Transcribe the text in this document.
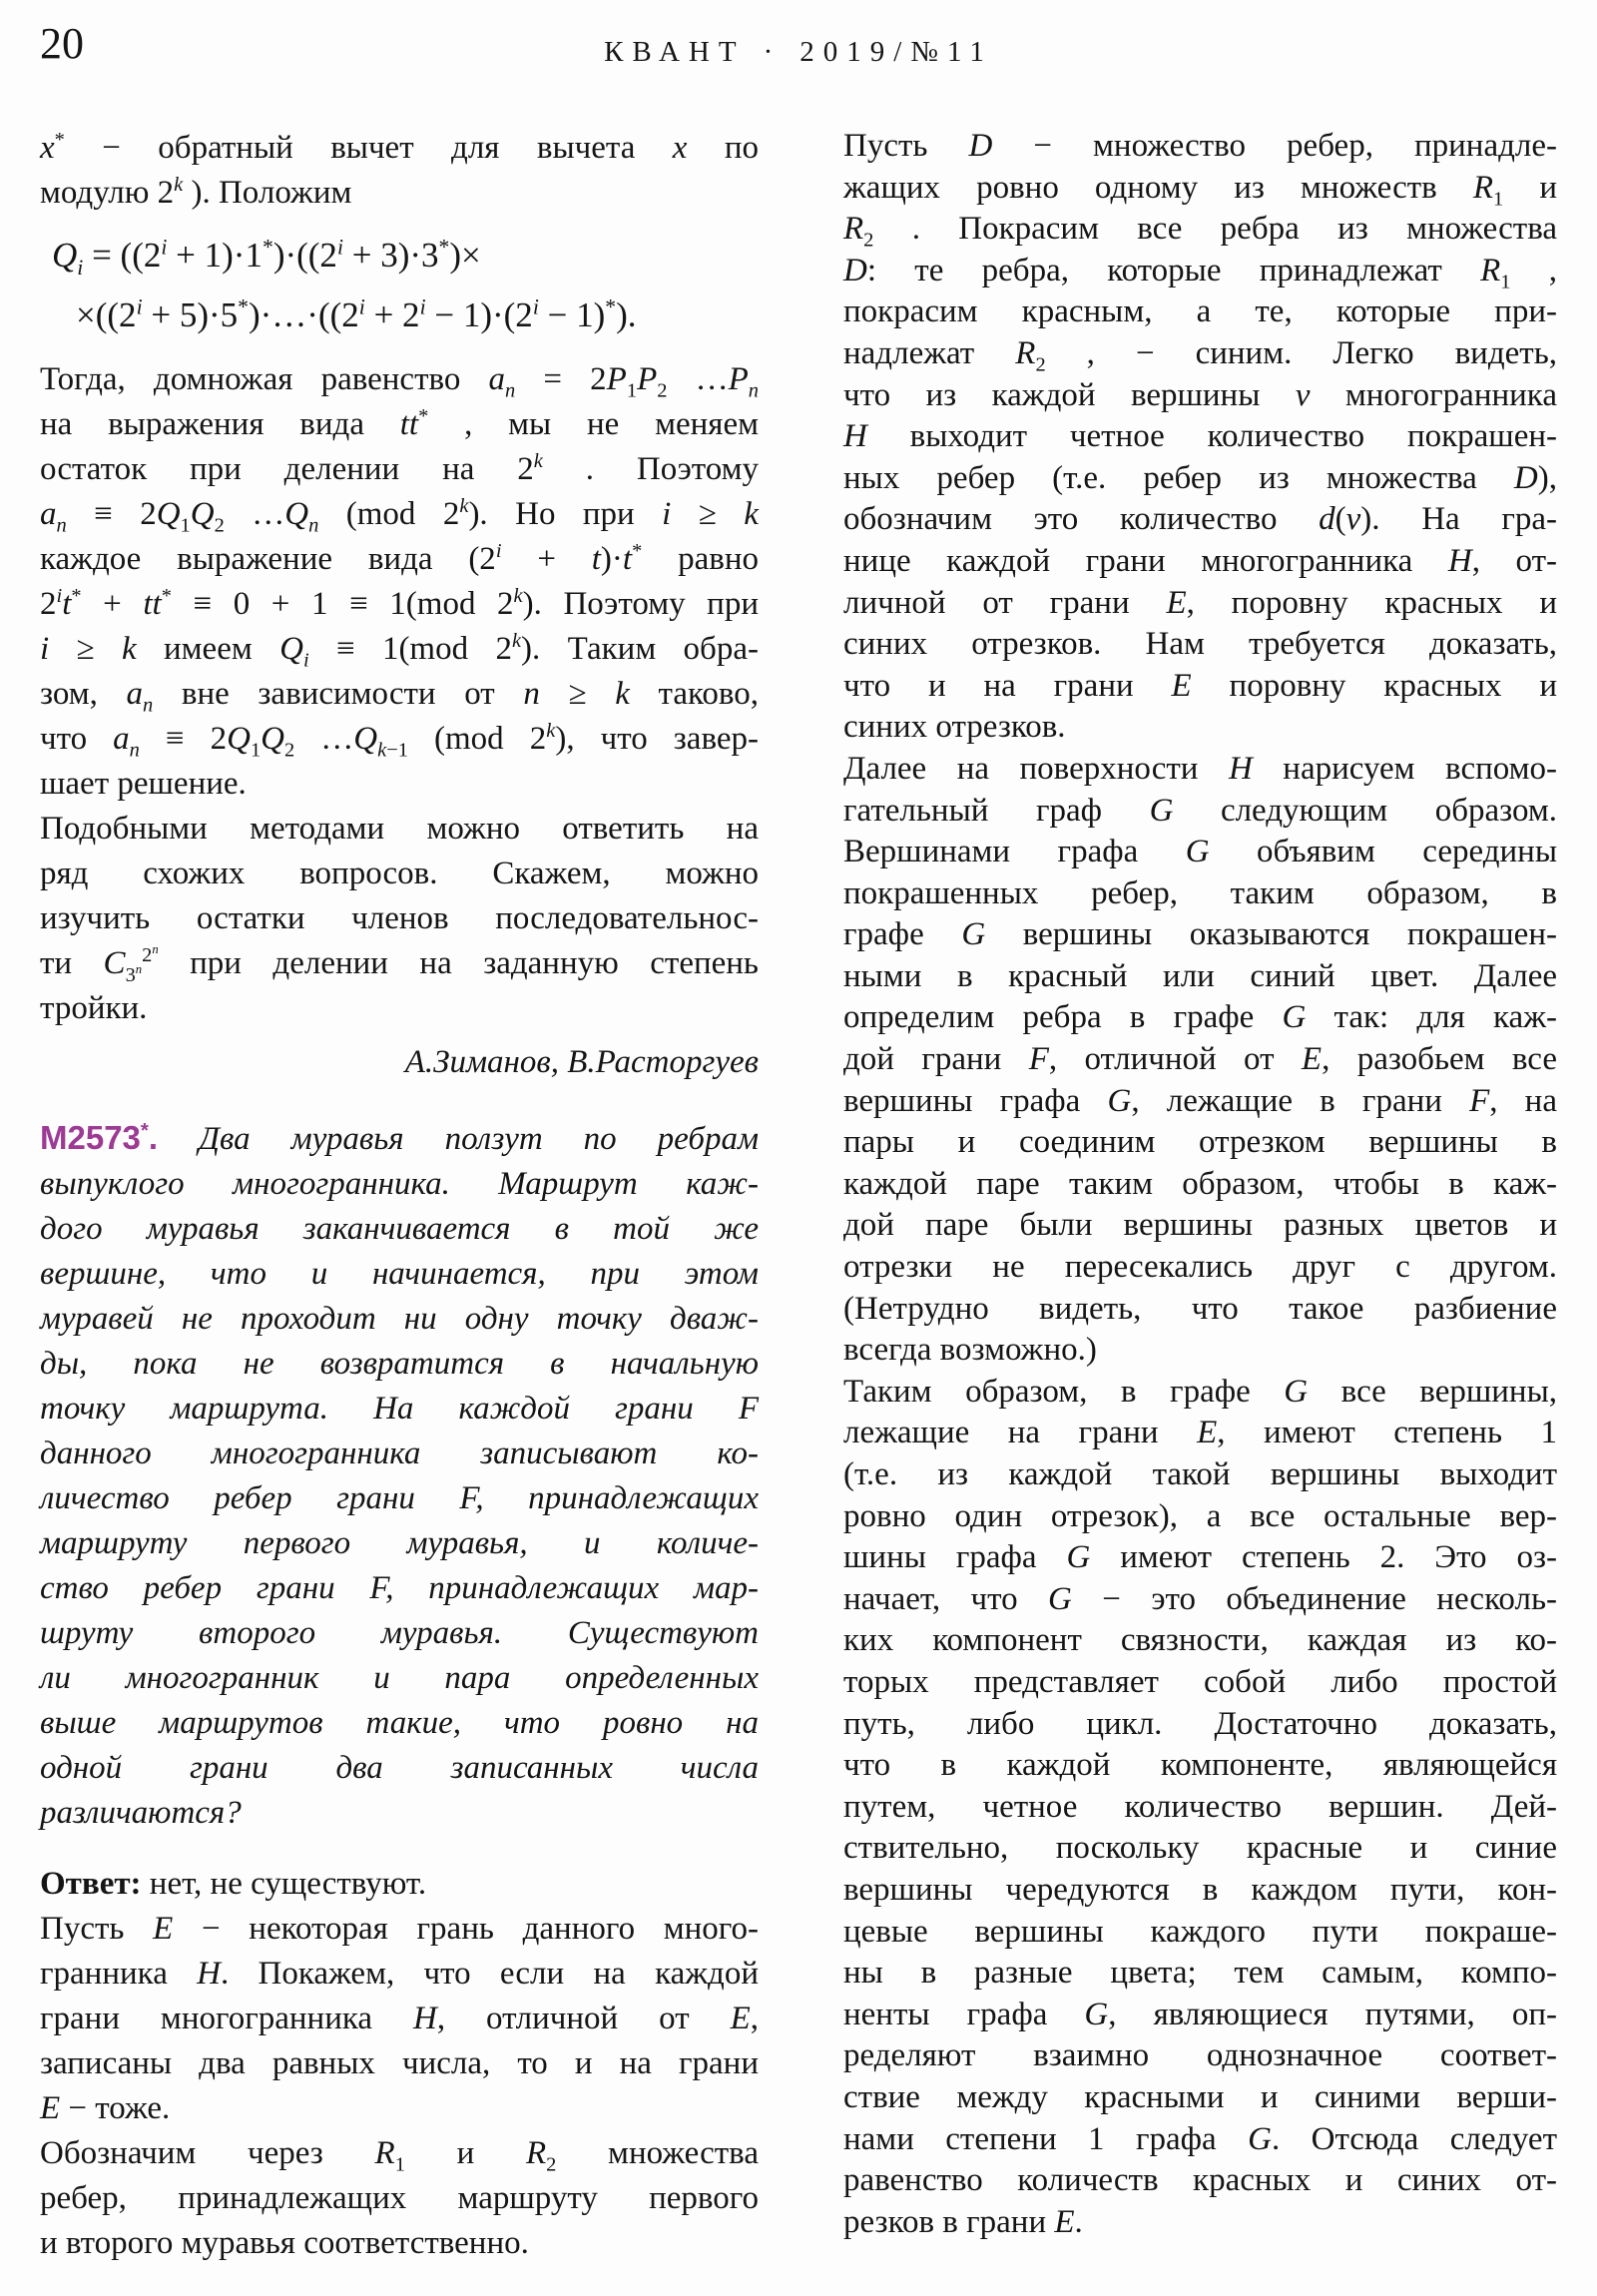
20	КВАНТ · 2019/№11
x* − обратный вычет для вычета x по
модулю 2$^k$ ). Положим
$Q_i = ((2^i + 1)\cdot 1^*)\cdot((2^i + 3)\cdot 3^*)\times$
$\times((2^i$ + $5)\cdot 5^*)\cdot\dots\cdot((2^i + 2^i - 1)\cdot(2^i - 1)^*)$.
Тогда, домножая равенство $a_n = 2P_1P_2$ $\dots P_n$
на выражения вида tt* , мы не меняем
остаток при делении на 2$^k$ . Поэтому
$a_n \equiv 2Q_1Q_2$ $\dots Q_n$ (mod 2$^k$). Но при i ≥ k
каждое выражение вида $(2^i + t)\cdot t^*$ равно
$2^it^* + tt^* \equiv 0 + 1 \equiv 1(mod$ 2$^k$). Поэтому при
i ≥ k имеем $Q_i \equiv 1(mod$ 2$^k$). Таким обра-
зом, $a_n$ вне зависимости от n ≥ k таково,
что $a_n \equiv 2Q_1Q_2$ $\dots Q_{k-1}$ (mod 2$^k$), что завер-
шает решение.
Подобными методами можно ответить на
ряд схожих вопросов. Скажем, можно
изучить остатки членов последовательнос-
ти $C_{3^n}^{2^n}$ при делении на заданную степень
тройки.
А.Зиманов, В.Расторгуев
М2573*. Два муравья ползут по ребрам
выпуклого многогранника. Маршрут каж-
дого муравья заканчивается в той же
вершине, что и начинается, при этом
муравей не проходит ни одну точку дваж-
ды, пока не возвратится в начальную
точку маршрута. На каждой грани F
данного многогранника записывают ко-
личество ребер грани F, принадлежащих
маршруту первого муравья, и количе-
ство ребер грани F, принадлежащих мар-
шруту второго муравья. Существуют
ли многогранник и пара определенных
выше маршрутов такие, что ровно на
одной грани два записанных числа
различаются?
Ответ: нет, не существуют.
Пусть E − некоторая грань данного много-
гранника H. Покажем, что если на каждой
грани многогранника H, отличной от E,
записаны два равных числа, то и на грани
E − тоже.
Обозначим через $R_1$ и $R_2$ множества
ребер, принадлежащих маршруту первого
и второго муравья соответственно.
Пусть D − множество ребер, принадле-
жащих ровно одному из множеств $R_1$ и
$R_2$ . Покрасим все ребра из множества
D: те ребра, которые принадлежат $R_1$ ,
покрасим красным, а те, которые при-
надлежат $R_2$ , − синим. Легко видеть,
что из каждой вершины v многогранника
H выходит четное количество покрашен-
ных ребер (т.е. ребер из множества D),
обозначим это количество d(v). На гра-
нице каждой грани многогранника H, от-
личной от грани E, поровну красных и
синих отрезков. Нам требуется доказать,
что и на грани E поровну красных и
синих отрезков.
Далее на поверхности H нарисуем вспомо-
гательный граф G следующим образом.
Вершинами графа G объявим середины
покрашенных ребер, таким образом, в
графе G вершины оказываются покрашен-
ными в красный или синий цвет. Далее
определим ребра в графе G так: для каж-
дой грани F, отличной от E, разобьем все
вершины графа G, лежащие в грани F, на
пары и соединим отрезком вершины в
каждой паре таким образом, чтобы в каж-
дой паре были вершины разных цветов и
отрезки не пересекались друг с другом.
(Нетрудно видеть, что такое разбиение
всегда возможно.)
Таким образом, в графе G все вершины,
лежащие на грани E, имеют степень 1
(т.е. из каждой такой вершины выходит
ровно один отрезок), а все остальные вер-
шины графа G имеют степень 2. Это оз-
начает, что G − это объединение несколь-
ких компонент связности, каждая из ко-
торых представляет собой либо простой
путь, либо цикл. Достаточно доказать,
что в каждой компоненте, являющейся
путем, четное количество вершин. Дей-
ствительно, поскольку красные и синие
вершины чередуются в каждом пути, кон-
цевые вершины каждого пути покраше-
ны в разные цвета; тем самым, компо-
ненты графа G, являющиеся путями, оп-
ределяют взаимно однозначное соответ-
ствие между красными и синими верши-
нами степени 1 графа G. Отсюда следует
равенство количеств красных и синих от-
резков в грани E.
